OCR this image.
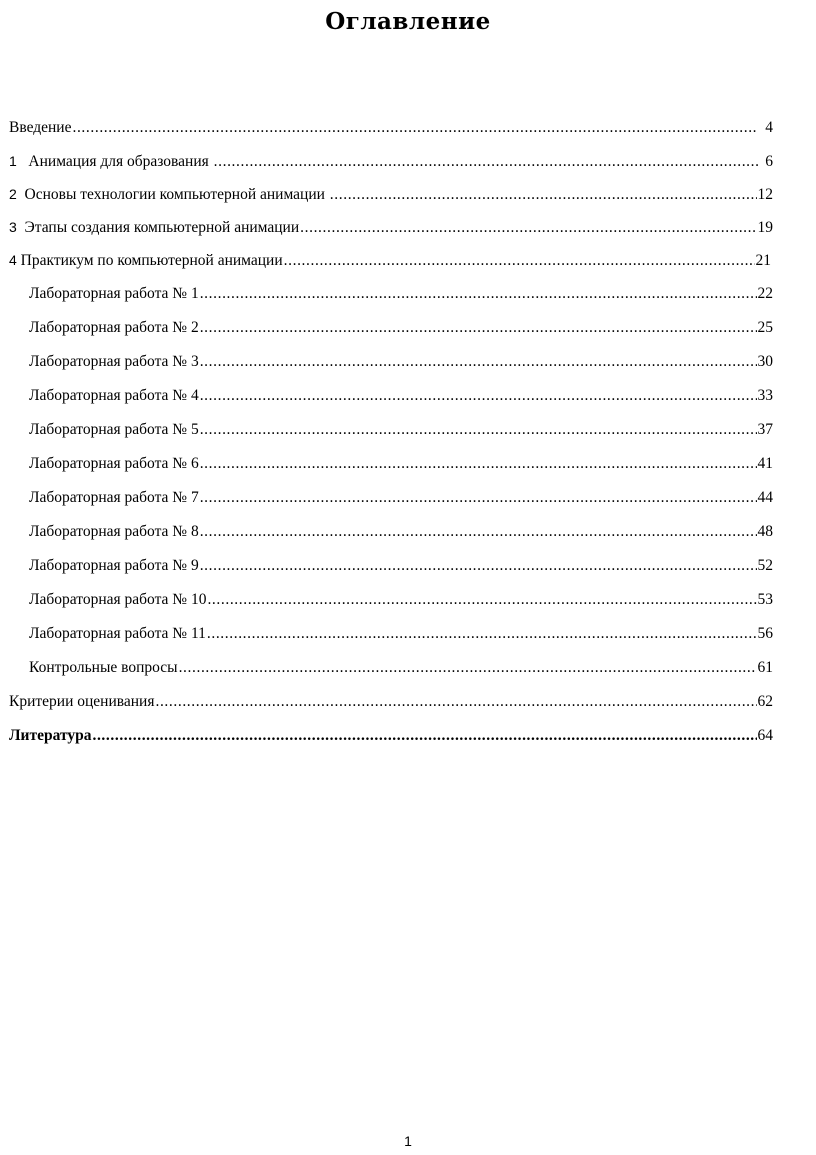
Оглавление
Введение .....	4
1 Анимация для образования .....	6
2 Основы технологии компьютерной анимации .....	12
3 Этапы создания компьютерной анимации .....	19
4 Практикум по компьютерной анимации .....	21
Лабораторная работа № 1 .....	22
Лабораторная работа № 2 .....	25
Лабораторная работа № 3 .....	30
Лабораторная работа № 4 .....	33
Лабораторная работа № 5 .....	37
Лабораторная работа № 6 .....	41
Лабораторная работа № 7 .....	44
Лабораторная работа № 8 .....	48
Лабораторная работа № 9 .....	52
Лабораторная работа № 10 .....	53
Лабораторная работа № 11 .....	56
Контрольные вопросы .....	61
Критерии оценивания .....	62
Литература .....	64
1
